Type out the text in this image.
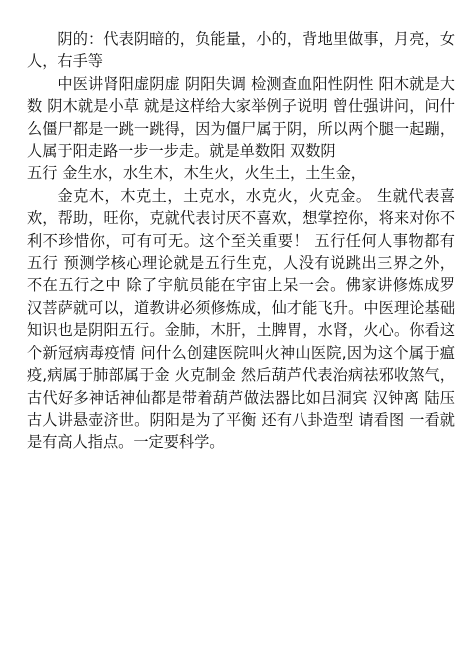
阴的：代表阴暗的，负能量，小的，背地里做事，月亮，女人，右手等

中医讲肾阳虚阴虚 阴阳失调 检测查血阳性阴性 阳木就是大数 阴木就是小草 就是这样给大家举例子说明 曾仕强讲问，问什么僵尸都是一跳一跳得，因为僵尸属于阴，所以两个腿一起蹦，人属于阳走路一步一步走。就是单数阳 双数阴

五行 金生水，水生木，木生火，火生土，土生金，

金克木，木克土，土克水，水克火，火克金。 生就代表喜欢，帮助，旺你，克就代表讨厌不喜欢，想掌控你，将来对你不利不珍惜你，可有可无。这个至关重要！ 五行任何人事物都有五行 预测学核心理论就是五行生克，人没有说跳出三界之外，不在五行之中 除了宇航员能在宇宙上呆一会。佛家讲修炼成罗汉菩萨就可以，道教讲必须修炼成，仙才能飞升。中医理论基础知识也是阴阳五行。金肺，木肝，土脾胃，水肾，火心。你看这个新冠病毒疫情 问什么创建医院叫火神山医院,因为这个属于瘟疫,病属于肺部属于金 火克制金 然后葫芦代表治病祛邪收煞气，古代好多神话神仙都是带着葫芦做法器比如吕洞宾 汉钟离 陆压 古人讲悬壶济世。阴阳是为了平衡 还有八卦造型 请看图 一看就是有高人指点。一定要科学。
